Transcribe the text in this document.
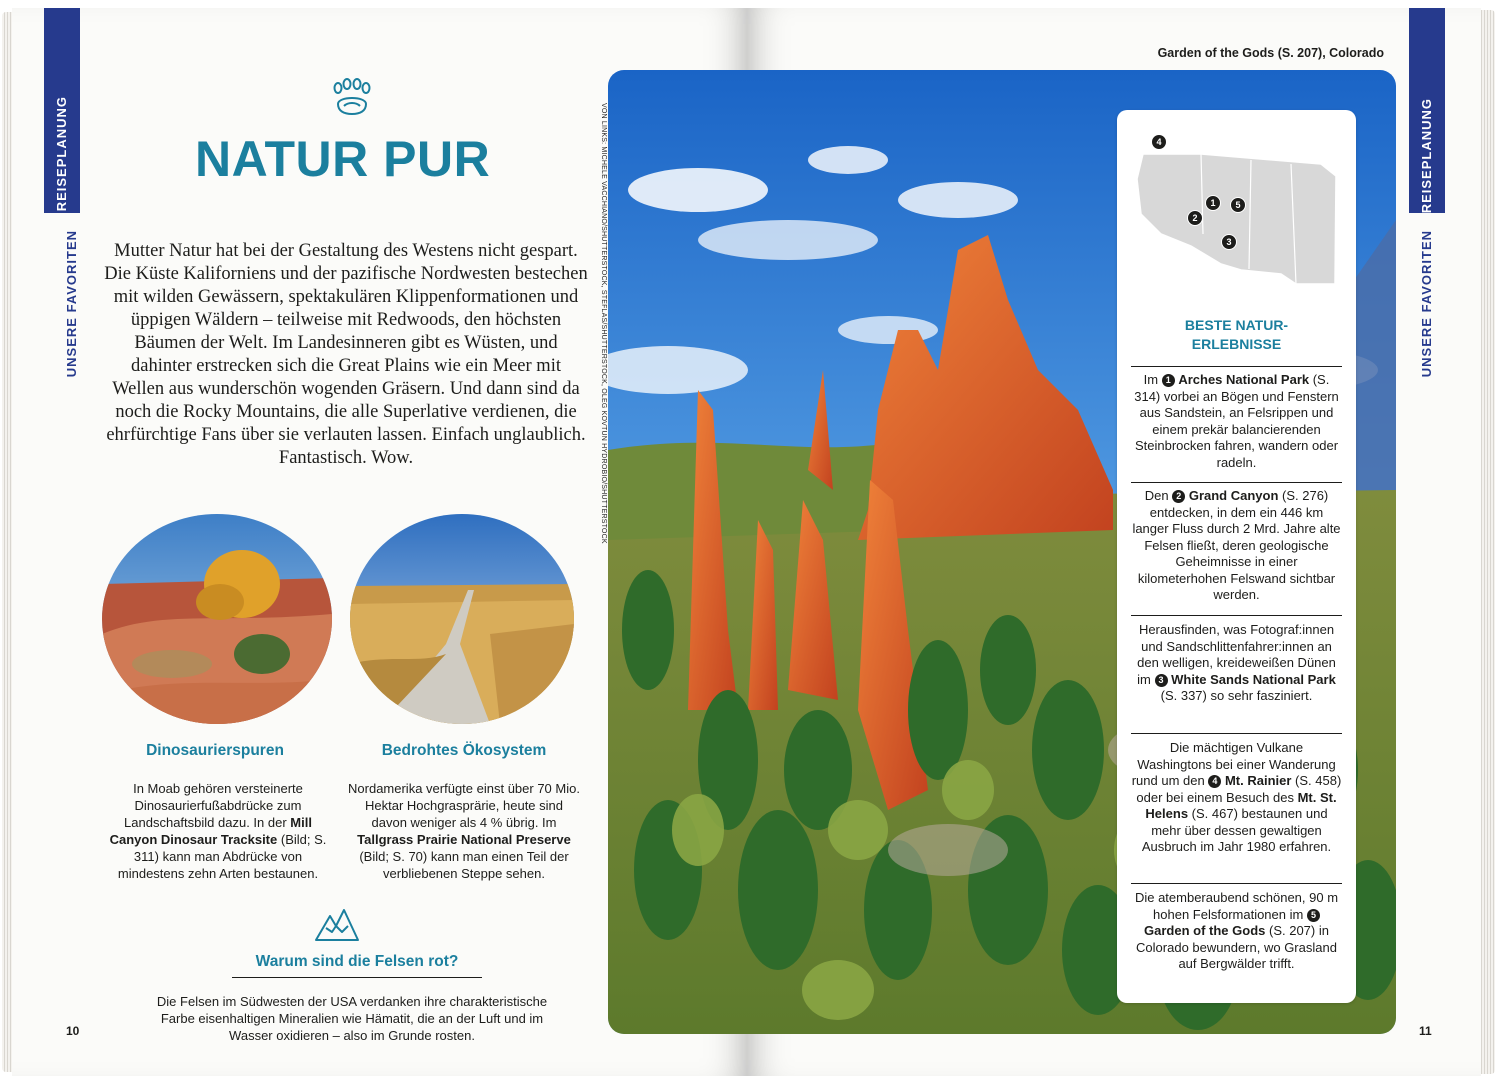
REISEPLANUNG
UNSERE FAVORITEN
NATUR PUR
Mutter Natur hat bei der Gestaltung des Westens nicht gespart. Die Küste Kaliforniens und der pazifische Nordwesten bestechen mit wilden Gewässern, spektakulären Klippenformationen und üppigen Wäldern – teilweise mit Redwoods, den höchsten Bäumen der Welt. Im Landesinneren gibt es Wüsten, und dahinter erstrecken sich die Great Plains wie ein Meer mit Wellen aus wunderschön wogenden Gräsern. Und dann sind da noch die Rocky Mountains, die alle Superlative verdienen, die ehrfürchtige Fans über sie verlauten lassen. Einfach unglaublich. Fantastisch. Wow.
Dinosaurierspuren
In Moab gehören versteinerte Dinosaurierfußabdrücke zum Landschaftsbild dazu. In der Mill Canyon Dinosaur Tracksite (Bild; S. 311) kann man Abdrücke von mindestens zehn Arten bestaunen.
Bedrohtes Ökosystem
Nordamerika verfügte einst über 70 Mio. Hektar Hochgrasprärie, heute sind davon weniger als 4 % übrig. Im Tallgrass Prairie National Preserve (Bild; S. 70) kann man einen Teil der verbliebenen Steppe sehen.
Warum sind die Felsen rot?
Die Felsen im Südwesten der USA verdanken ihre charakteristische Farbe eisenhaltigen Mineralien wie Hämatit, die an der Luft und im Wasser oxidieren – also im Grunde rosten.
10
VON LINKS: MICHELE VACCHIANO/SHUTTERSTOCK, STEFLAS/SHUTTERSTOCK, OLEG KOVTUN HYDROBIO/SHUTTERSTOCK	REISEPLANUNG
UNSERE FAVORITEN
11
Garden of the Gods (S. 207), Colorado
4
1	5
2
3
BESTE NATUR-
ERLEBNISSE
Im 1 Arches National Park (S. 314) vorbei an Bögen und Fenstern aus Sandstein, an Felsrippen und einem prekär balancierenden Steinbrocken fahren, wandern oder radeln.
Den 2 Grand Canyon (S. 276) entdecken, in dem ein 446 km langer Fluss durch 2 Mrd. Jahre alte Felsen fließt, deren geologische Geheimnisse in einer kilometerhohen Felswand sichtbar werden.
Herausfinden, was Fotograf:innen und Sandschlittenfahrer:innen an den welligen, kreideweißen Dünen im 3 White Sands National Park (S. 337) so sehr fasziniert.
Die mächtigen Vulkane Washingtons bei einer Wanderung rund um den 4 Mt. Rainier (S. 458) oder bei einem Besuch des Mt. St. Helens (S. 467) bestaunen und mehr über dessen gewaltigen Ausbruch im Jahr 1980 erfahren.
Die atemberaubend schönen, 90 m hohen Felsformationen im 5 Garden of the Gods (S. 207) in Colorado bewundern, wo Grasland auf Bergwälder trifft.
